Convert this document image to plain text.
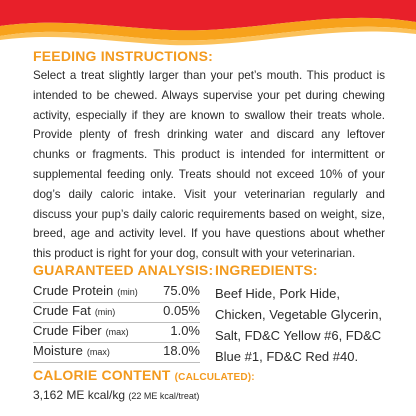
FEEDING INSTRUCTIONS:
Select a treat slightly larger than your pet’s mouth. This product is intended to be chewed. Always supervise your pet during chewing activity, especially if they are known to swallow their treats whole. Provide plenty of fresh drinking water and discard any leftover chunks or fragments. This product is intended for intermittent or supplemental feeding only. Treats should not exceed 10% of your dog’s daily caloric intake. Visit your veterinarian regularly and discuss your pup’s daily caloric requirements based on weight, size, breed, age and activity level. If you have questions about whether this product is right for your dog, consult with your veterinarian.
GUARANTEED ANALYSIS:
Crude Protein (min) 75.0%
Crude Fat (min)	0.05%
Crude Fiber (max)	1.0%
Moisture (max)	18.0%
INGREDIENTS:
Beef Hide, Pork Hide, Chicken, Vegetable Glycerin, Salt, FD&C Yellow #6, FD&C Blue #1, FD&C Red #40.
CALORIE CONTENT (CALCULATED):
3,162 ME kcal/kg (22 ME kcal/treat)
